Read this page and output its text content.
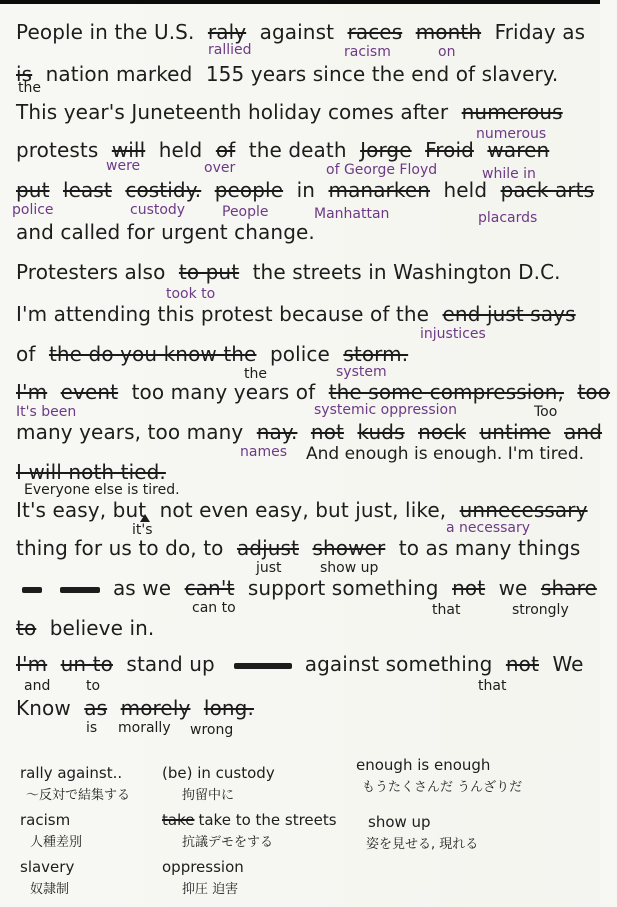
People in the U.S. raly against races month Friday as
rallied	racism	on
is nation marked 155 years since the end of slavery.
the
This year's Juneteenth holiday comes after numerous
numerous
protests will held of the death Jorge Froid waren
were	over	of George Floyd	while in
put least costidy. people in manarken held pack arts
police	custody	People	Manhattan	placards
and called for urgent change.
Protesters also to put the streets in Washington D.C.
took to
I'm attending this protest because of the end just says
injustices
of the do you know the police storm.
the	system
I'm event too many years of the some compression, too
It's been	systemic oppression	Too
many years, too many nay. not kuds nock untime and
names And enough is enough. I'm tired.
I will noth tied.
Everyone else is tired.
It's easy, but not even easy, but just, like, unnecessary
it's	a necessary
thing for us to do, to adjust shower to as many things
just	show up
as we can't support something not we share
can to	that	strongly
to believe in.
I'm un to stand up	against something not We
and	to	that
Know as morely long.
is morally wrong
rally against..
〜反対で結集する
racism
人種差別
slavery
奴隷制
(be) in custody
拘留中に
take take to the streets
抗議デモをする
oppression
抑圧 迫害
enough is enough
もうたくさんだ うんざりだ
show up
姿を見せる, 現れる
